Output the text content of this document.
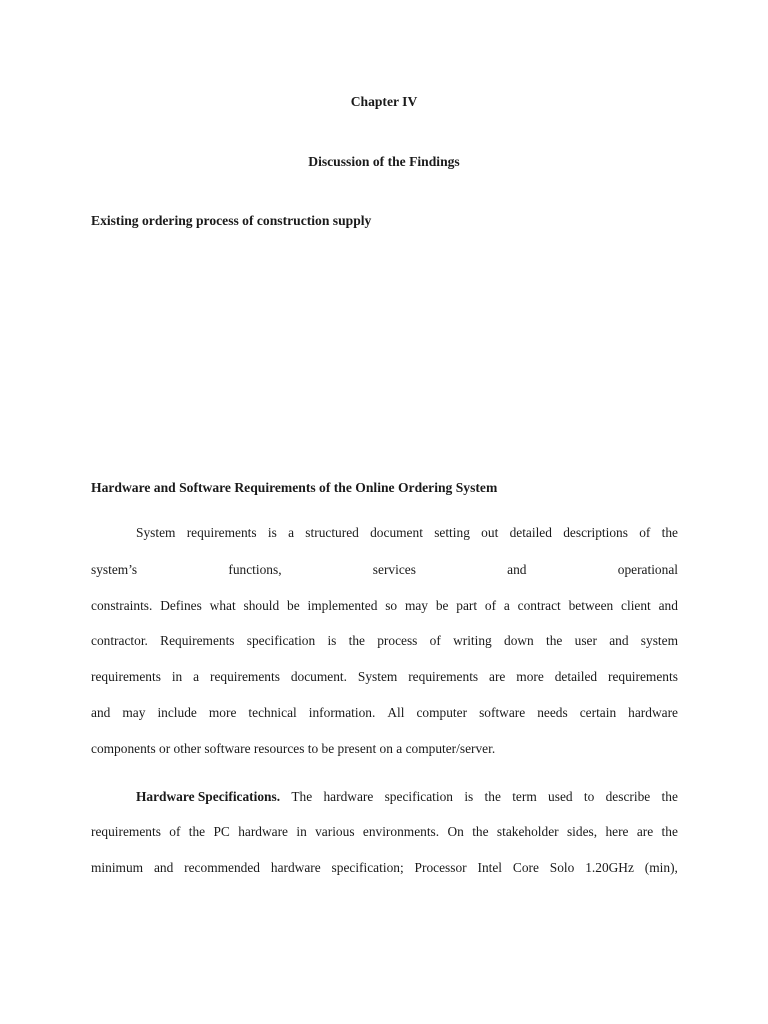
Chapter IV

Discussion of the Findings

Existing ordering process of construction supply

Hardware and Software Requirements of the Online Ordering System

System requirements is a structured document setting out detailed descriptions of the

system’s	functions,	services	and	operational

constraints. Defines what should be implemented so may be part of a contract between client and

contractor. Requirements specification is the process of writing down the user and system

requirements in a requirements document. System requirements are more detailed requirements

and may include more technical information. All computer software needs certain hardware

components or other software resources to be present on a computer/server.

Hardware Specifications. The hardware specification is the term used to describe the

requirements of the PC hardware in various environments. On the stakeholder sides, here are the

minimum and recommended hardware specification; Processor Intel Core Solo 1.20GHz (min),
